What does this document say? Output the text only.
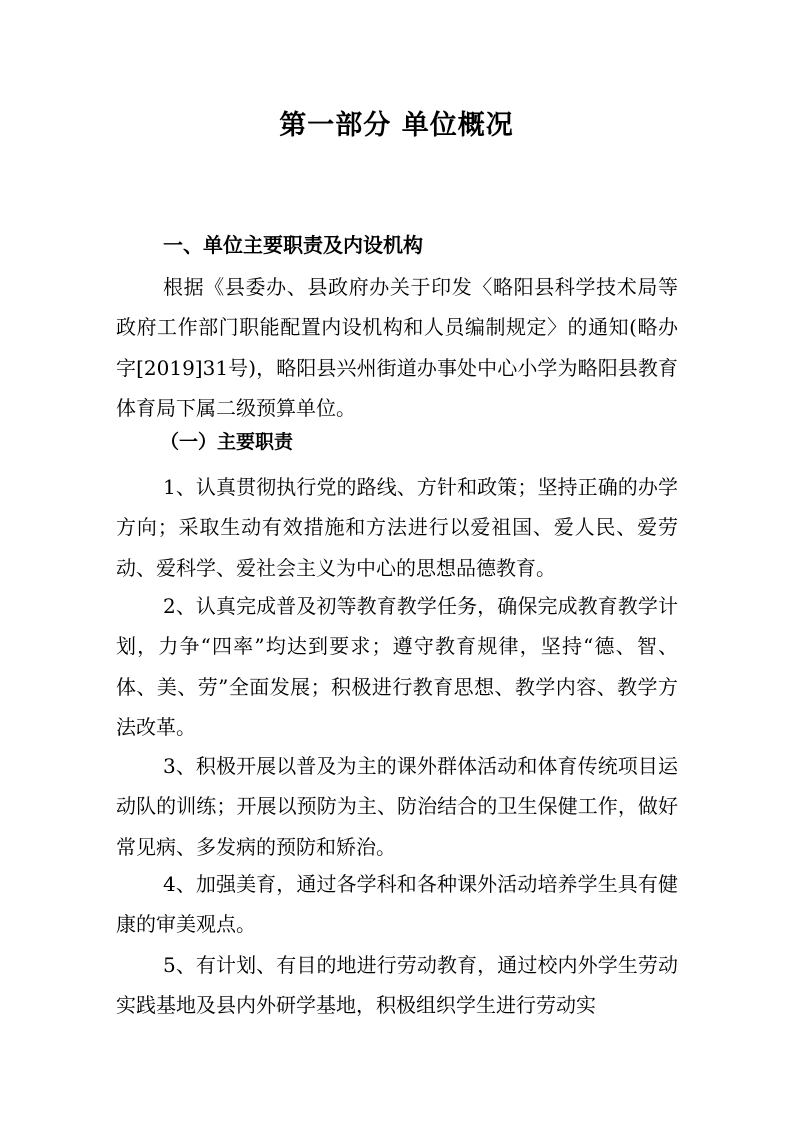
第一部分 单位概况
一、单位主要职责及内设机构
根据《县委办、县政府办关于印发〈略阳县科学技术局等政府工作部门职能配置内设机构和人员编制规定〉的通知(略办字[2019]31号)，略阳县兴州街道办事处中心小学为略阳县教育体育局下属二级预算单位。
（一）主要职责
1、认真贯彻执行党的路线、方针和政策；坚持正确的办学方向；采取生动有效措施和方法进行以爱祖国、爱人民、爱劳动、爱科学、爱社会主义为中心的思想品德教育。
2、认真完成普及初等教育教学任务，确保完成教育教学计划，力争“四率”均达到要求；遵守教育规律，坚持“德、智、体、美、劳”全面发展；积极进行教育思想、教学内容、教学方法改革。
3、积极开展以普及为主的课外群体活动和体育传统项目运动队的训练；开展以预防为主、防治结合的卫生保健工作，做好常见病、多发病的预防和矫治。
4、加强美育，通过各学科和各种课外活动培养学生具有健康的审美观点。
5、有计划、有目的地进行劳动教育，通过校内外学生劳动实践基地及县内外研学基地，积极组织学生进行劳动实
